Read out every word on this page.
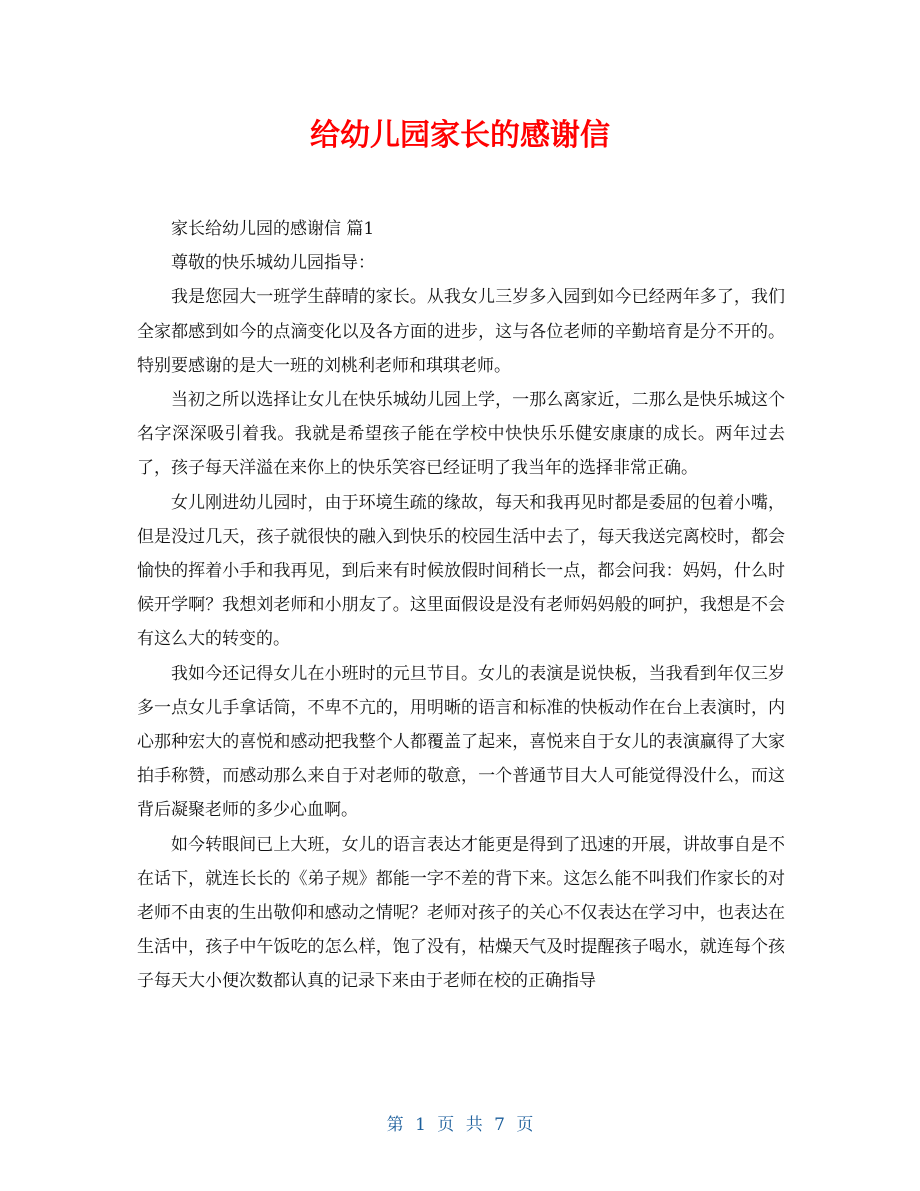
给幼儿园家长的感谢信

家长给幼儿园的感谢信 篇1

尊敬的快乐城幼儿园指导：

我是您园大一班学生薛晴的家长。从我女儿三岁多入园到如今已经两年多了，我们全家都感到如今的点滴变化以及各方面的进步，这与各位老师的辛勤培育是分不开的。特别要感谢的是大一班的刘桃利老师和琪琪老师。

当初之所以选择让女儿在快乐城幼儿园上学，一那么离家近，二那么是快乐城这个名字深深吸引着我。我就是希望孩子能在学校中快快乐乐健安康康的成长。两年过去了，孩子每天洋溢在来你上的快乐笑容已经证明了我当年的选择非常正确。

女儿刚进幼儿园时，由于环境生疏的缘故，每天和我再见时都是委屈的包着小嘴，但是没过几天，孩子就很快的融入到快乐的校园生活中去了，每天我送完离校时，都会愉快的挥着小手和我再见，到后来有时候放假时间稍长一点，都会问我：妈妈，什么时候开学啊？我想刘老师和小朋友了。这里面假设是没有老师妈妈般的呵护，我想是不会有这么大的转变的。

我如今还记得女儿在小班时的元旦节目。女儿的表演是说快板，当我看到年仅三岁多一点女儿手拿话筒，不卑不亢的，用明晰的语言和标准的快板动作在台上表演时，内心那种宏大的喜悦和感动把我整个人都覆盖了起来，喜悦来自于女儿的表演赢得了大家拍手称赞，而感动那么来自于对老师的敬意，一个普通节目大人可能觉得没什么，而这背后凝聚老师的多少心血啊。

如今转眼间已上大班，女儿的语言表达才能更是得到了迅速的开展，讲故事自是不在话下，就连长长的《弟子规》都能一字不差的背下来。这怎么能不叫我们作家长的对老师不由衷的生出敬仰和感动之情呢？老师对孩子的关心不仅表达在学习中，也表达在生活中，孩子中午饭吃的怎么样，饱了没有，枯燥天气及时提醒孩子喝水，就连每个孩子每天大小便次数都认真的记录下来由于老师在校的正确指导

第 1 页 共 7 页
